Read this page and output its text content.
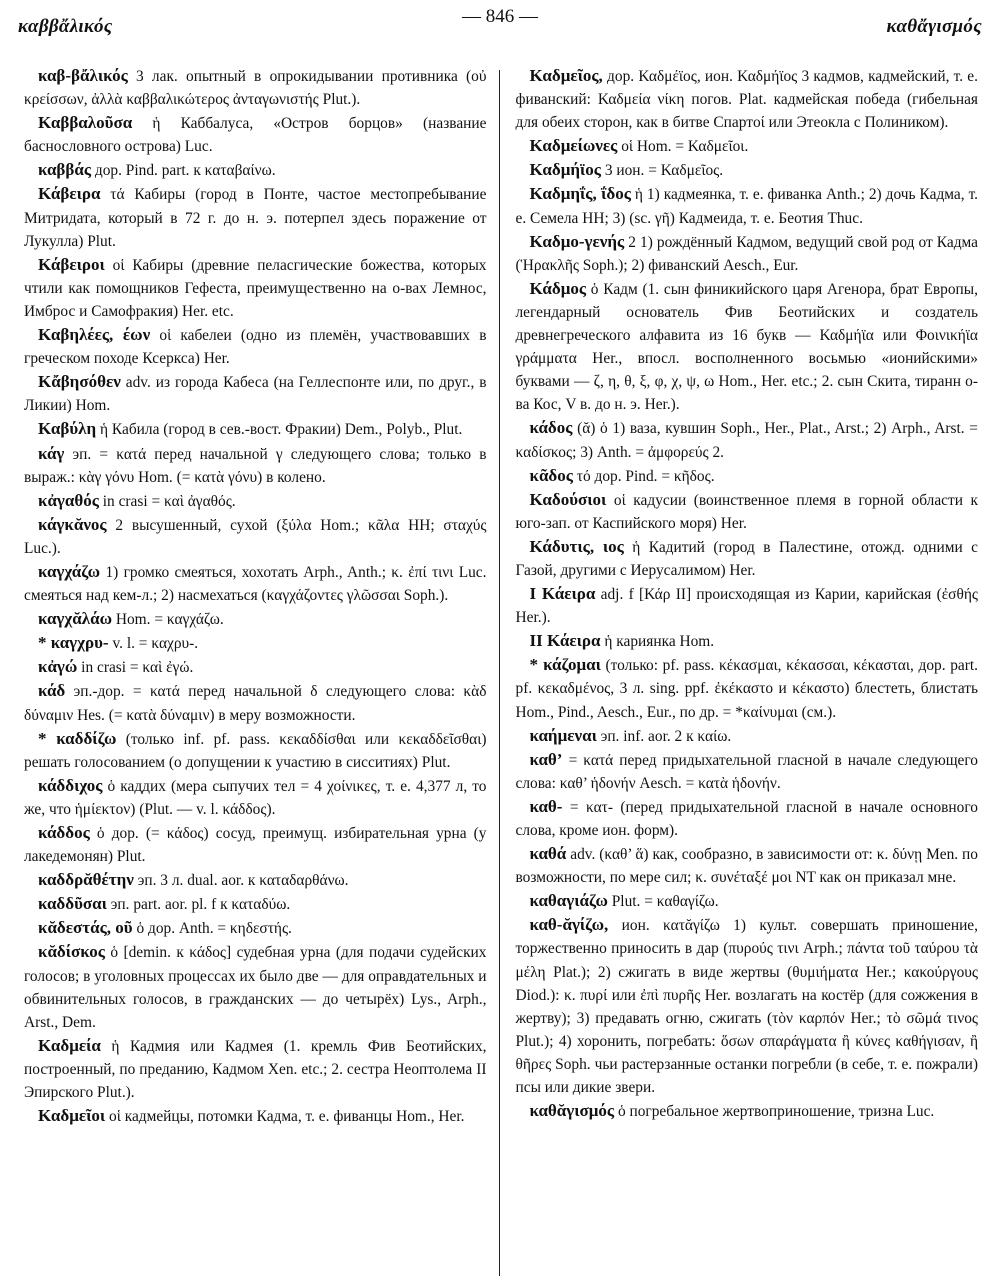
καββἄλικός	καθἄγισμός
— 846 —

καβ-βἄλικός 3 лак. опытный в опрокидывании противника (οὐ κρείσσων, ἀλλὰ καββαλικώτερος ἀνταγωνιστής Plut.).

Καββαλοῦσα ἡ Каббалуса, «Остров борцов» (название баснословного острова) Luc.

καββάς дор. Pind. part. к καταβαίνω.

Κάβειρα τά Кабиры (город в Понте, частое местопребывание Митридата, который в 72 г. до н. э. потерпел здесь поражение от Лукулла) Plut.

Κάβειροι οἱ Кабиры (древние пеласгические божества, которых чтили как помощников Гефеста, преимущественно на о-вах Лемнос, Имброс и Самофракия) Her. etc.

Καβηλέες, έων οἱ кабелеи (одно из племён, участвовавших в греческом походе Ксеркса) Her.

Κἄβησόθεν adv. из города Кабеса (на Геллеспонте или, по друг., в Ликии) Hom.

Καβύλη ἡ Кабила (город в сев.-вост. Фракии) Dem., Polyb., Plut.

κάγ эп. = κατά перед начальной γ следующего слова; только в выраж.: κὰγ γόνυ Hom. (= κατὰ γόνυ) в колено.

κἀγαθός in crasi = καὶ ἀγαθός.

κάγκᾰνος 2 высушенный, сухой (ξύλα Hom.; κᾶλα HH; σταχύς Luc.).

καγχάζω 1) громко смеяться, хохотать Arph., Anth.; κ. ἐπί τινι Luc. смеяться над кем-л.; 2) насмехаться (καγχάζοντες γλῶσσαι Soph.).

καγχᾰλάω Hom. = καγχάζω.

* καγχρυ- v. l. = καχρυ-.

κἀγώ in crasi = καὶ ἐγώ.

κάδ эп.-дор. = κατά перед начальной δ следующего слова: κὰδ δύναμιν Hes. (= κατὰ δύναμιν) в меру возможности.

* καδδίζω (только inf. pf. pass. κεκαδδίσθαι или κεκαδδεῖσθαι) решать голосованием (о допущении к участию в сисситиях) Plut.

κάδδιχος ὁ каддих (мера сыпучих тел = 4 χοίνικες, т. е. 4,377 л, то же, что ἡμίεκτον) (Plut. — v. l. κάδδος).

κάδδος ὁ дор. (= κάδος) сосуд, преимущ. избирательная урна (у лакедемонян) Plut.

καδδρᾰθέτην эп. 3 л. dual. aor. к καταδαρθάνω.

καδδῦσαι эп. part. aor. pl. f к καταδύω.

κᾰδεστάς, οῦ ὁ дор. Anth. = κηδεστής.

κᾰδίσκος ὁ [demin. к κάδος] судебная урна (для подачи судейских голосов; в уголовных процессах их было две — для оправдательных и обвинительных голосов, в гражданских — до четырёх) Lys., Arph., Arst., Dem.

Καδμεία ἡ Кадмия или Кадмея (1. кремль Фив Беотийских, построенный, по преданию, Кадмом Xen. etc.; 2. сестра Неоптолема II Эпирского Plut.).

Καδμεῖοι οἱ кадмейцы, потомки Кадма, т. е. фиванцы Hom., Her.

Καδμεῖος, дор. Καδμέϊος, ион. Καδμήϊος 3 кадмов, кадмейский, т. е. фиванский: Καδμεία νίκη погов. Plat. кадмейская победа (гибельная для обеих сторон, как в битве Спартοί или Этеокла с Полиником).

Καδμείωνες οἱ Hom. = Καδμεῖοι.

Καδμήϊος 3 ион. = Καδμεῖος.

Καδμηΐς, ΐδος ἡ 1) кадмеянка, т. е. фиванка Anth.; 2) дочь Кадма, т. е. Семела HH; 3) (sc. γῆ) Кадмеида, т. е. Беотия Thuc.

Καδμο-γενής 2 1) рождённый Кадмом, ведущий свой род от Кадма (Ἡρακλῆς Soph.); 2) фиванский Aesch., Eur.

Κάδμος ὁ Кадм (1. сын финикийского царя Агенора, брат Европы, легендарный основатель Фив Беотийских и создатель древнегреческого алфавита из 16 букв — Καδμήϊα или Φοινικήϊα γράμματα Her., впосл. восполненного восьмью «ионийскими» буквами — ζ, η, θ, ξ, φ, χ, ψ, ω Hom., Her. etc.; 2. сын Скита, тиранн о-ва Кос, V в. до н. э. Her.).

κάδος (ᾰ) ὁ 1) ваза, кувшин Soph., Her., Plat., Arst.; 2) Arph., Arst. = καδίσκος; 3) Anth. = ἀμφορεύς 2.

κᾶδος τό дор. Pind. = κῆδος.

Καδούσιοι οἱ кадусии (воинственное племя в горной области к юго-зап. от Каспийского моря) Her.

Κάδυτις, ιος ἡ Кадитий (город в Палестине, отожд. одними с Газой, другими с Иерусалимом) Her.

I Κάειρα adj. f [Κάρ II] происходящая из Карии, карийская (ἐσθής Her.).

II Κάειρα ἡ кариянка Hom.

* κάζομαι (только: pf. pass. κέκασμαι, κέκασσαι, κέκασται, дор. part. pf. κεκαδμένος, 3 л. sing. ppf. ἐκέκαστο и κέκαστο) блестеть, блистать Hom., Pind., Aesch., Eur., по др. = *καίνυμαι (см.).

καήμεναι эп. inf. aor. 2 к καίω.

καθ’ = κατά перед придыхательной гласной в начале следующего слова: καθ’ ἡδονήν Aesch. = κατὰ ἡδονήν.

καθ- = κατ- (перед придыхательной гласной в начале основного слова, кроме ион. форм).

καθά adv. (καθ’ ἅ) как, сообразно, в зависимости от: κ. δύνῃ Men. по возможности, по мере сил; κ. συνέταξέ μοι NT как он приказал мне.

καθαγιάζω Plut. = καθαγίζω.

καθ-ᾰγίζω, ион. κατᾰγίζω 1) культ. совершать приношение, торжественно приносить в дар (πυρούς τινι Arph.; πάντα τοῦ ταύρου τὰ μέλη Plat.); 2) сжигать в виде жертвы (θυμιήματα Her.; κακούργους Diod.): κ. πυρί или ἐπὶ πυρῆς Her. возлагать на костёр (для сожжения в жертву); 3) предавать огню, сжигать (τὸν καρπόν Her.; τὸ σῶμά τινος Plut.); 4) хоронить, погребать: ὅσων σπαράγματα ἢ κύνες καθήγισαν, ἢ θῆρες Soph. чьи растерзанные останки погребли (в себе, т. е. пожрали) псы или дикие звери.

καθᾰγισμός ὁ погребальное жертвоприношение, тризна Luc.
